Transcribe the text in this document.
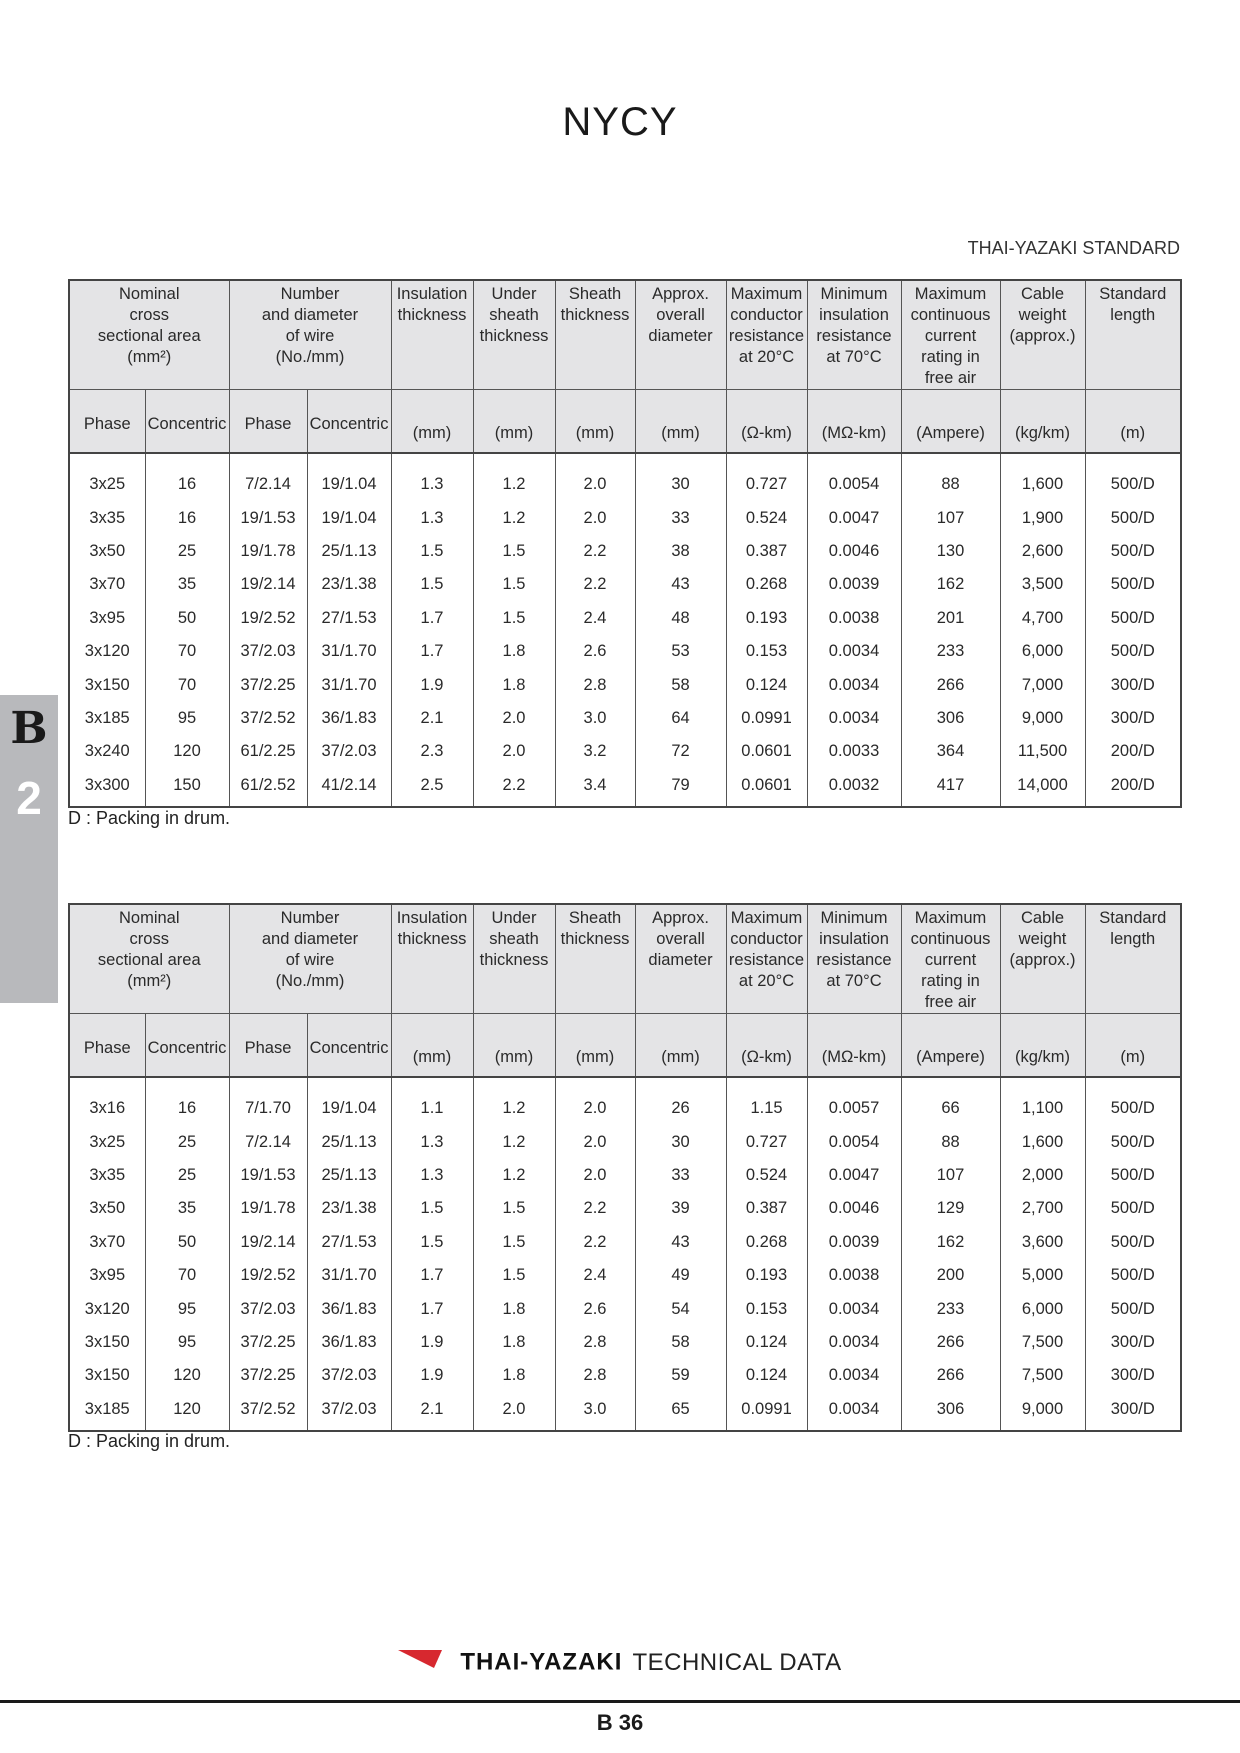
NYCY
THAI-YAZAKI STANDARD
B
2
Nominal
cross
sectional area
(mm²)		Number
and diameter
of wire
(No./mm)		Insulation
thickness	Under
sheath
thickness	Sheath
thickness	Approx.
overall
diameter	Maximum
conductor
resistance
at 20°C	Minimum
insulation
resistance
at 70°C	Maximum
continuous
current
rating in
free air	Cable
weight
(approx.)	Standard
length
Phase	Concentric	Phase	Concentric	(mm)	(mm)	(mm)	(mm)	(Ω-km)	(MΩ-km)	(Ampere)	(kg/km)	(m)
3x25	16	7/2.14	19/1.04	1.3	1.2	2.0	30	0.727	0.0054	88	1,600	500/D
3x35	16	19/1.53	19/1.04	1.3	1.2	2.0	33	0.524	0.0047	107	1,900	500/D
3x50	25	19/1.78	25/1.13	1.5	1.5	2.2	38	0.387	0.0046	130	2,600	500/D
3x70	35	19/2.14	23/1.38	1.5	1.5	2.2	43	0.268	0.0039	162	3,500	500/D
3x95	50	19/2.52	27/1.53	1.7	1.5	2.4	48	0.193	0.0038	201	4,700	500/D
3x120	70	37/2.03	31/1.70	1.7	1.8	2.6	53	0.153	0.0034	233	6,000	500/D
3x150	70	37/2.25	31/1.70	1.9	1.8	2.8	58	0.124	0.0034	266	7,000	300/D
3x185	95	37/2.52	36/1.83	2.1	2.0	3.0	64	0.0991	0.0034	306	9,000	300/D
3x240	120	61/2.25	37/2.03	2.3	2.0	3.2	72	0.0601	0.0033	364	11,500	200/D
3x300	150	61/2.52	41/2.14	2.5	2.2	3.4	79	0.0601	0.0032	417	14,000	200/D
D : Packing in drum.
Nominal
cross
sectional area
(mm²)		Number
and diameter
of wire
(No./mm)		Insulation
thickness	Under
sheath
thickness	Sheath
thickness	Approx.
overall
diameter	Maximum
conductor
resistance
at 20°C	Minimum
insulation
resistance
at 70°C	Maximum
continuous
current
rating in
free air	Cable
weight
(approx.)	Standard
length
Phase	Concentric	Phase	Concentric	(mm)	(mm)	(mm)	(mm)	(Ω-km)	(MΩ-km)	(Ampere)	(kg/km)	(m)
3x16	16	7/1.70	19/1.04	1.1	1.2	2.0	26	1.15	0.0057	66	1,100	500/D
3x25	25	7/2.14	25/1.13	1.3	1.2	2.0	30	0.727	0.0054	88	1,600	500/D
3x35	25	19/1.53	25/1.13	1.3	1.2	2.0	33	0.524	0.0047	107	2,000	500/D
3x50	35	19/1.78	23/1.38	1.5	1.5	2.2	39	0.387	0.0046	129	2,700	500/D
3x70	50	19/2.14	27/1.53	1.5	1.5	2.2	43	0.268	0.0039	162	3,600	500/D
3x95	70	19/2.52	31/1.70	1.7	1.5	2.4	49	0.193	0.0038	200	5,000	500/D
3x120	95	37/2.03	36/1.83	1.7	1.8	2.6	54	0.153	0.0034	233	6,000	500/D
3x150	95	37/2.25	36/1.83	1.9	1.8	2.8	58	0.124	0.0034	266	7,500	300/D
3x150	120	37/2.25	37/2.03	1.9	1.8	2.8	59	0.124	0.0034	266	7,500	300/D
3x185	120	37/2.52	37/2.03	2.1	2.0	3.0	65	0.0991	0.0034	306	9,000	300/D
D : Packing in drum.
THAI-YAZAKI TECHNICAL DATA
B 36
